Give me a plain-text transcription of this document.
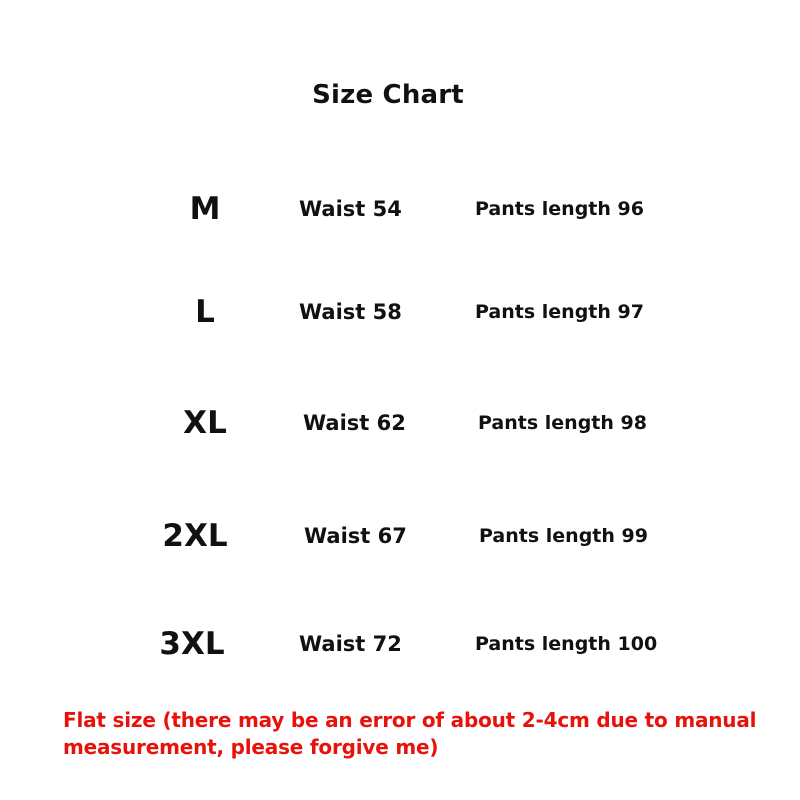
Size Chart
M	Waist 54	Pants length 96
L	Waist 58	Pants length 97
XL	Waist 62	Pants length 98
2XL	Waist 67	Pants length 99
3XL	Waist 72	Pants length 100
Flat size (there may be an error of about 2-4cm due to manual measurement, please forgive me)
